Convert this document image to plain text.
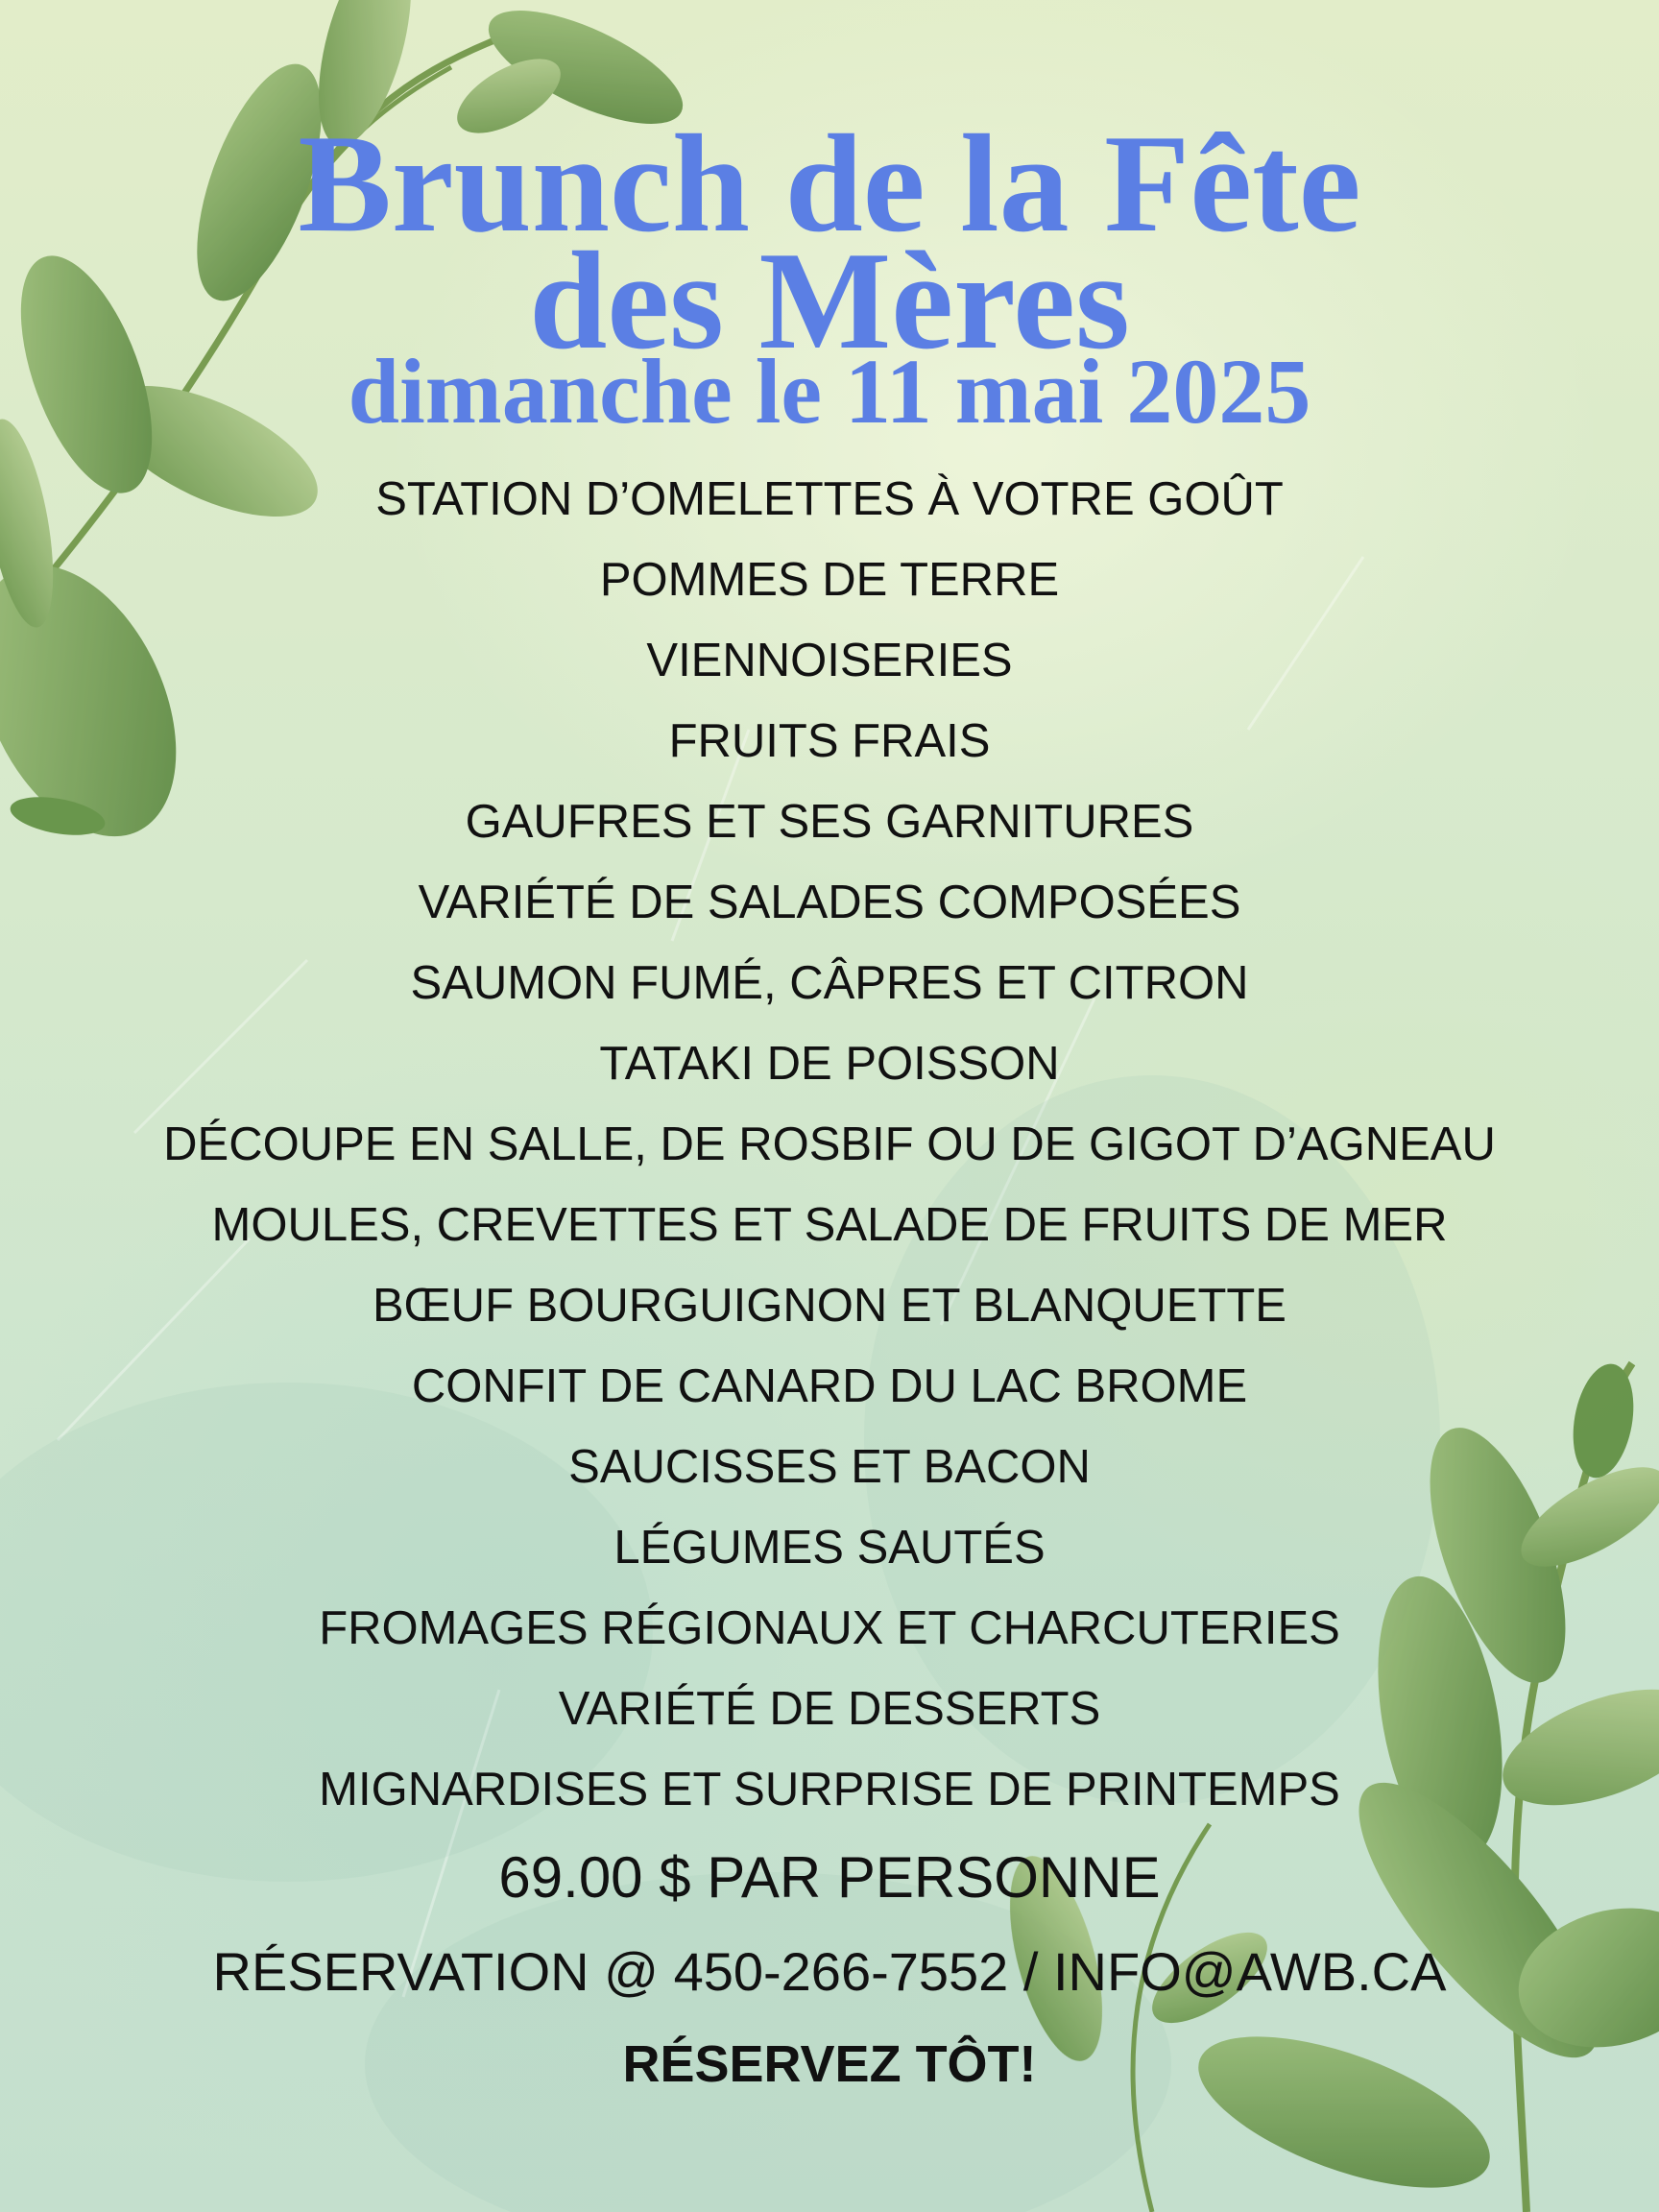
Brunch de la Fête
des Mères
dimanche le 11 mai 2025
STATION D’OMELETTES À VOTRE GOÛT
POMMES DE TERRE
VIENNOISERIES
FRUITS FRAIS
GAUFRES ET SES GARNITURES
VARIÉTÉ DE SALADES COMPOSÉES
SAUMON FUMÉ, CÂPRES ET CITRON
TATAKI DE POISSON
DÉCOUPE EN SALLE, DE ROSBIF OU DE GIGOT D’AGNEAU
MOULES, CREVETTES ET SALADE DE FRUITS DE MER
BŒUF BOURGUIGNON ET BLANQUETTE
CONFIT DE CANARD DU LAC BROME
SAUCISSES ET BACON
LÉGUMES SAUTÉS
FROMAGES RÉGIONAUX ET CHARCUTERIES
VARIÉTÉ DE DESSERTS
MIGNARDISES ET SURPRISE DE PRINTEMPS
69.00 $ PAR PERSONNE
RÉSERVATION @ 450-266-7552 / INFO@AWB.CA
RÉSERVEZ TÔT!
